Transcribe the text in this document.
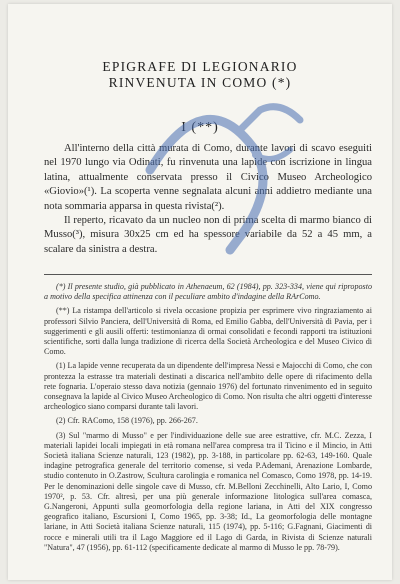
EPIGRAFE DI LEGIONARIO
RINVENUTA IN COMO (*)
I (**)

All'interno della città murata di Como, durante lavori di scavo eseguiti nel 1970 lungo via Odinati, fu rinvenuta una lapide con iscrizione in lingua latina, attualmente conservata presso il Civico Museo Archeologico «Giovio»(¹). La scoperta venne segnalata alcuni anni addietro mediante una nota sommaria apparsa in questa rivista(²).

Il reperto, ricavato da un nucleo non di prima scelta di marmo bianco di Musso(³), misura 30x25 cm ed ha spessore variabile da 52 a 45 mm, a scalare da sinistra a destra.

(*) Il presente studio, già pubblicato in Athenaeum, 62 (1984), pp. 323-334, viene qui riproposto a motivo della specifica attinenza con il peculiare ambito d'indagine della RArComo.

(**) La ristampa dell'articolo si rivela occasione propizia per esprimere vivo ringraziamento ai professori Silvio Panciera, dell'Università di Roma, ed Emilio Gabba, dell'Università di Pavia, per i suggerimenti e gli ausili offerti: testimonianza di ormai consolidati e fecondi rapporti tra istituzioni scientifiche, sorti dalla lunga tradizione di ricerca della Società Archeologica e del Museo Civico di Como.

(1) La lapide venne recuperata da un dipendente dell'impresa Nessi e Majocchi di Como, che con prontezza la estrasse tra materiali destinati a discarica nell'ambito delle opere di rifacimento della rete fognaria. L'operaio stesso dava notizia (gennaio 1976) del fortunato rinvenimento ed in seguito consegnava la lapide al Civico Museo Archeologico di Como. Non risulta che altri oggetti d'interesse archeologico siano comparsi durante tali lavori.

(2) Cfr. RAComo, 158 (1976), pp. 266-267.

(3) Sul "marmo di Musso" e per l'individuazione delle sue aree estrattive, cfr. M.C. Zezza, I materiali lapidei locali impiegati in età romana nell'area compresa tra il Ticino e il Mincio, in Atti Società italiana Scienze naturali, 123 (1982), pp. 3-188, in particolare pp. 62-63, 149-160. Quale indagine petrografica generale del territorio comense, si veda P.Ademani, Arenazione Lombarde, studio contenuto in O.Zastrow, Scultura carolingia e romanica nel Comasco, Como 1978, pp. 14-19. Per le denominazioni delle singole cave di Musso, cfr. M.Belloni Zecchinelli, Alto Lario, I, Como 1970², p. 53. Cfr. altresì, per una più generale informazione litologica sull'area comasca, G.Nangeroni, Appunti sulla geomorfologia della regione lariana, in Atti del XIX congresso geografico italiano, Escursioni I, Como 1965, pp. 3-38; Id., La geomorfologia delle montagne lariane, in Atti Società italiana Scienze naturali, 115 (1974), pp. 5-116; G.Fagnani, Giacimenti di rocce e minerali utili tra il Lago Maggiore ed il Lago di Garda, in Rivista di Scienze naturali "Natura", 47 (1956), pp. 61-112 (specificamente dedicate al marmo di Musso le pp. 78-79).
